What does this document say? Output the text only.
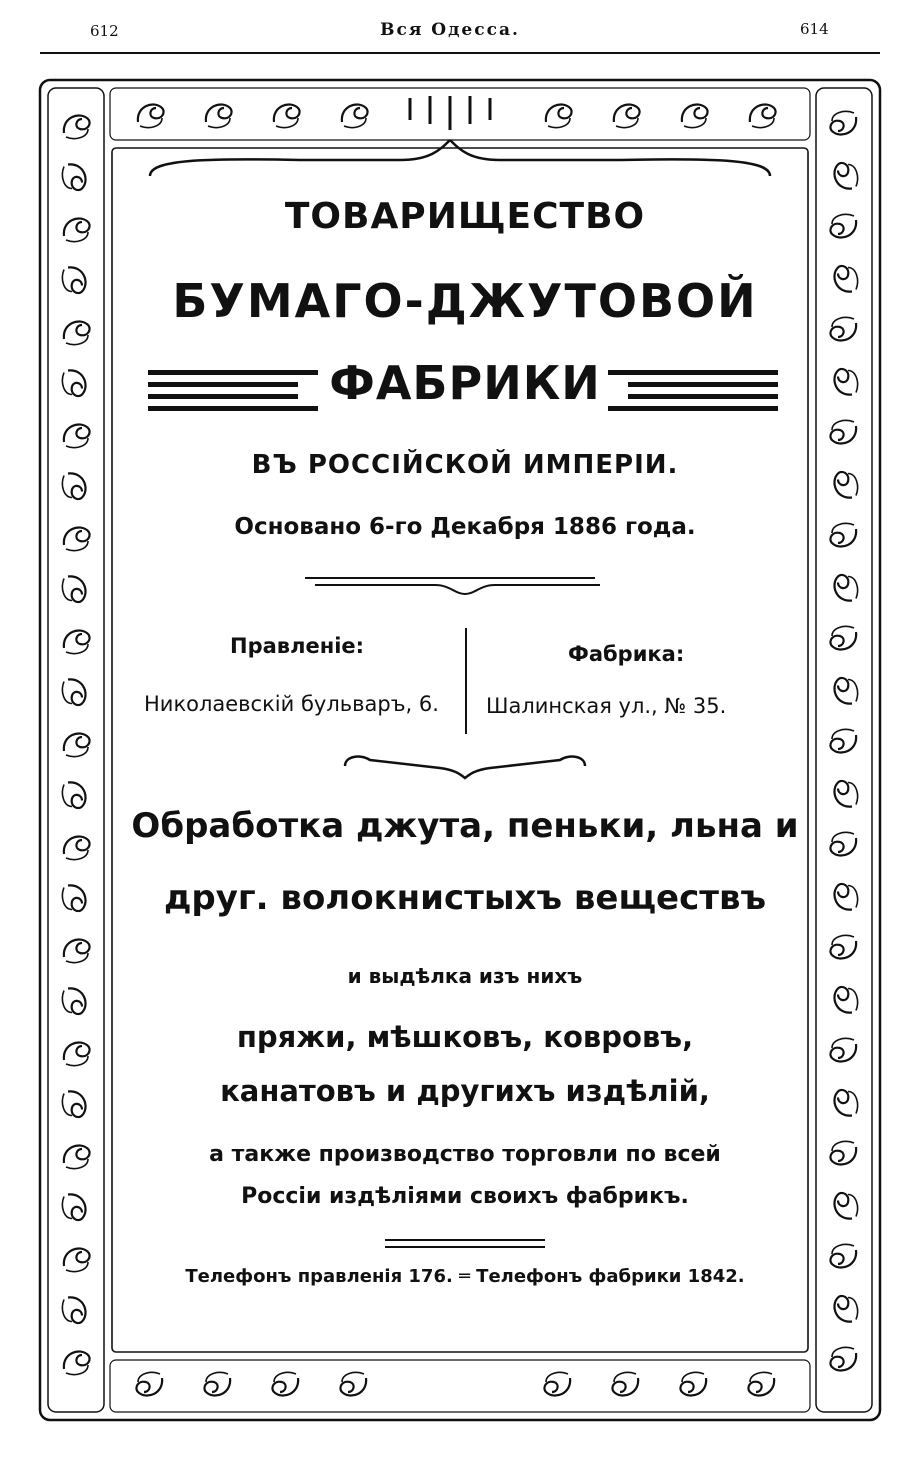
612	Вся Одесса.	614
ТОВАРИЩЕСТВО
БУМАГО-ДЖУТОВОЙ
ФАБРИКИ
ВЪ РОССІЙСКОЙ ИМПЕРІИ.
Основано 6-го Декабря 1886 года.
Правленіе:
Николаевскій бульваръ, 6.
Фабрика:
Шалинская ул., № 35.
Обработка джута, пеньки, льна и
друг. волокнистыхъ веществъ
и выдѣлка изъ нихъ
пряжи, мѣшковъ, ковровъ,
канатовъ и другихъ издѣлій,
а также производство торговли по всей
Россіи издѣліями своихъ фабрикъ.
Телефонъ правленія 176. ═ Телефонъ фабрики 1842.
